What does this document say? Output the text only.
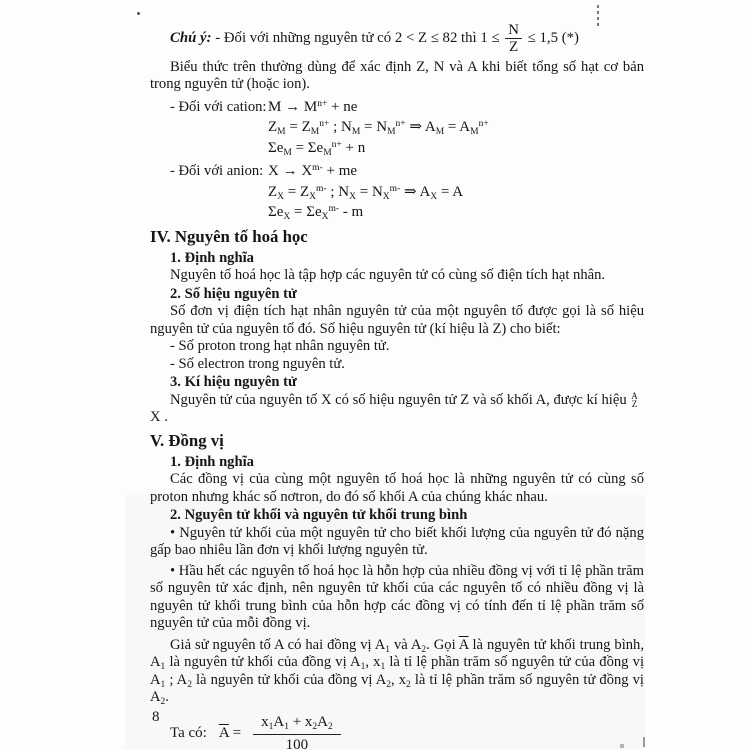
Chú ý: - Đối với những nguyên tử có 2 < Z ≤ 82 thì $1 \le \frac{N}{Z} \le 1,5$ (*)

Biểu thức trên thường dùng để xác định Z, N và A khi biết tổng số hạt cơ bản trong nguyên tử (hoặc ion).

- Đối với cation: $M \to M^{n+}$ + ne
$Z_M = Z_M^{n+}$ ; $N_M = N_M^{n+}$ ⇒ $A_M = A_M^{n+}$
$\Sigma e_M = \Sigma e_M^{n+} + n$
- Đối với anion: $X \to X^{m-}$ + me
$Z_X = Z_X^{m-}$ ; $N_X = N_X^{m-}$ ⇒ $A_X = A$
$\Sigma e_X = \Sigma e_X^{m-} - m$

IV. Nguyên tố hoá học

1. Định nghĩa

Nguyên tố hoá học là tập hợp các nguyên tử có cùng số điện tích hạt nhân.

2. Số hiệu nguyên tử

Số đơn vị điện tích hạt nhân nguyên tử của một nguyên tố được gọi là số hiệu nguyên tử của nguyên tố đó. Số hiệu nguyên tử (kí hiệu là Z) cho biết:

- Số proton trong hạt nhân nguyên tử.

- Số electron trong nguyên tử.

3. Kí hiệu nguyên tử

Nguyên tử của nguyên tố X có số hiệu nguyên tử Z và số khối A, được kí hiệu A
Z
X .

V. Đồng vị

1. Định nghĩa

Các đồng vị của cùng một nguyên tố hoá học là những nguyên tử có cùng số proton nhưng khác số nơtron, do đó số khối A của chúng khác nhau.

2. Nguyên tử khối và nguyên tử khối trung bình

• Nguyên tử khối của một nguyên tử cho biết khối lượng của nguyên tử đó nặng gấp bao nhiêu lần đơn vị khối lượng nguyên tử.

• Hầu hết các nguyên tố hoá học là hỗn hợp của nhiều đồng vị với tỉ lệ phần trăm số nguyên tử xác định, nên nguyên tử khối của các nguyên tố có nhiều đồng vị là nguyên tử khối trung bình của hỗn hợp các đồng vị có tính đến tỉ lệ phần trăm số nguyên tử của mỗi đồng vị.

Giả sử nguyên tố A có hai đồng vị $A_1$ và $A_2$. Gọi $\overline{A}$ là nguyên tử khối trung bình, $A_1$ là nguyên tử khối của đồng vị $A_1$, $x_1$ là tỉ lệ phần trăm số nguyên tử của đồng vị $A_1$ ; $A_2$ là nguyên tử khối của đồng vị $A_2$, $x_2$ là tỉ lệ phần trăm số nguyên tử đồng vị $A_2$.

Ta có: $\overline{A} = \frac{x_1A_1 + x_2A_2}{100}$
8
